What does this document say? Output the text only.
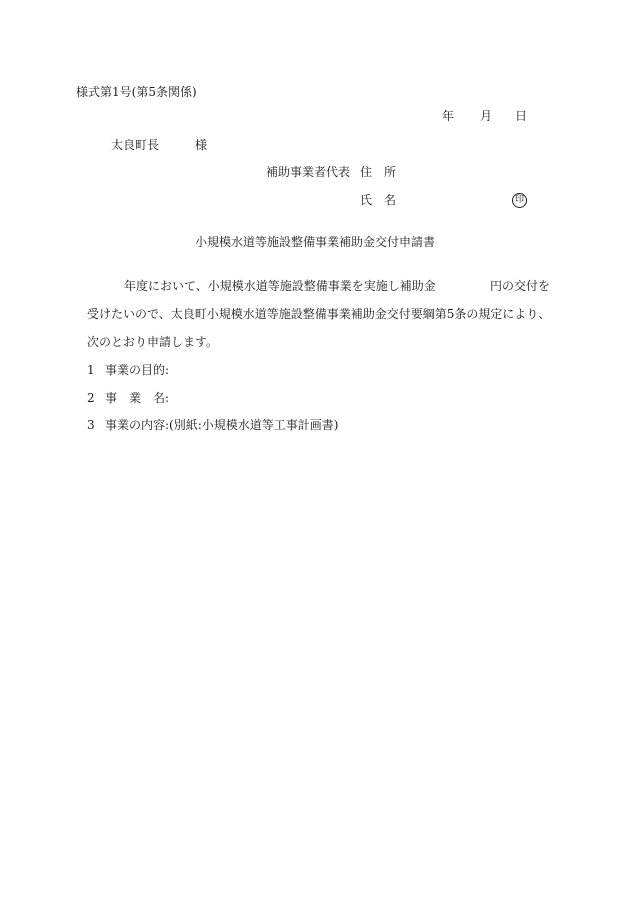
様式第1号(第5条関係)
年 月 日
太良町長	様
補助事業者代表 住　所
氏　名	印
小規模水道等施設整備事業補助金交付申請書
年度において、小規模水道等施設整備事業を実施し補助金	円の交付を
受けたいので、太良町小規模水道等施設整備事業補助金交付要綱第5条の規定により、
次のとおり申請します。
1 事業の目的:
2 事　業　名:
3 事業の内容:(別紙:小規模水道等工事計画書)
